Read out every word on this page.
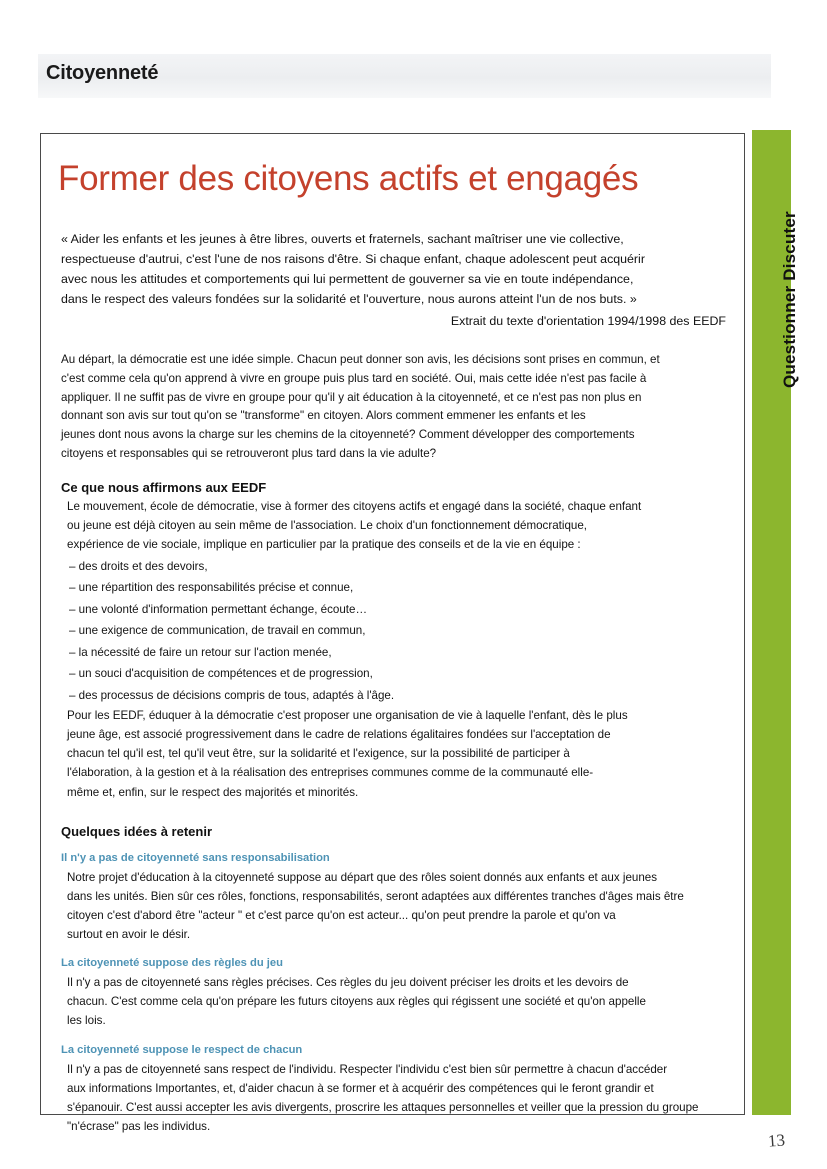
Citoyenneté
Questionner Discuter
Former des citoyens actifs et engagés
« Aider les enfants et les jeunes à être libres, ouverts et fraternels, sachant maîtriser une vie collective,
respectueuse d'autrui, c'est l'une de nos raisons d'être. Si chaque enfant, chaque adolescent peut acquérir
avec nous les attitudes et comportements qui lui permettent de gouverner sa vie en toute indépendance,
dans le respect des valeurs fondées sur la solidarité et l'ouverture, nous aurons atteint l'un de nos buts. »
Extrait du texte d'orientation 1994/1998 des EEDF
Au départ, la démocratie est une idée simple. Chacun peut donner son avis, les décisions sont prises en commun, et
c'est comme cela qu'on apprend à vivre en groupe puis plus tard en société. Oui, mais cette idée n'est pas facile à
appliquer. Il ne suffit pas de vivre en groupe pour qu'il y ait éducation à la citoyenneté, et ce n'est pas non plus en
donnant son avis sur tout qu'on se "transforme" en citoyen. Alors comment emmener les enfants et les
jeunes dont nous avons la charge sur les chemins de la citoyenneté? Comment développer des comportements
citoyens et responsables qui se retrouveront plus tard dans la vie adulte?
Ce que nous affirmons aux EEDF
Le mouvement, école de démocratie, vise à former des citoyens actifs et engagé dans la société, chaque enfant
ou jeune est déjà citoyen au sein même de l'association. Le choix d'un fonctionnement démocratique,
expérience de vie sociale, implique en particulier par la pratique des conseils et de la vie en équipe :
– des droits et des devoirs,
– une répartition des responsabilités précise et connue,
– une volonté d'information permettant échange, écoute…
– une exigence de communication, de travail en commun,
– la nécessité de faire un retour sur l'action menée,
– un souci d'acquisition de compétences et de progression,
– des processus de décisions compris de tous, adaptés à l'âge.
Pour les EEDF, éduquer à la démocratie c'est proposer une organisation de vie à laquelle l'enfant, dès le plus
jeune âge, est associé progressivement dans le cadre de relations égalitaires fondées sur l'acceptation de
chacun tel qu'il est, tel qu'il veut être, sur la solidarité et l'exigence, sur la possibilité de participer à
l'élaboration, à la gestion et à la réalisation des entreprises communes comme de la communauté elle-
même et, enfin, sur le respect des majorités et minorités.
Quelques idées à retenir
Il n'y a pas de citoyenneté sans responsabilisation
Notre projet d'éducation à la citoyenneté suppose au départ que des rôles soient donnés aux enfants et aux jeunes
dans les unités. Bien sûr ces rôles, fonctions, responsabilités, seront adaptées aux différentes tranches d'âges mais être
citoyen c'est d'abord être "acteur " et c'est parce qu'on est acteur... qu'on peut prendre la parole et qu'on va
surtout en avoir le désir.
La citoyenneté suppose des règles du jeu
Il n'y a pas de citoyenneté sans règles précises. Ces règles du jeu doivent préciser les droits et les devoirs de
chacun. C'est comme cela qu'on prépare les futurs citoyens aux règles qui régissent une société et qu'on appelle
les lois.
La citoyenneté suppose le respect de chacun
Il n'y a pas de citoyenneté sans respect de l'individu. Respecter l'individu c'est bien sûr permettre à chacun d'accéder
aux informations Importantes, et, d'aider chacun à se former et à acquérir des compétences qui le feront grandir et
s'épanouir. C'est aussi accepter les avis divergents, proscrire les attaques personnelles et veiller que la pression du groupe
"n'écrase" pas les individus.
13
